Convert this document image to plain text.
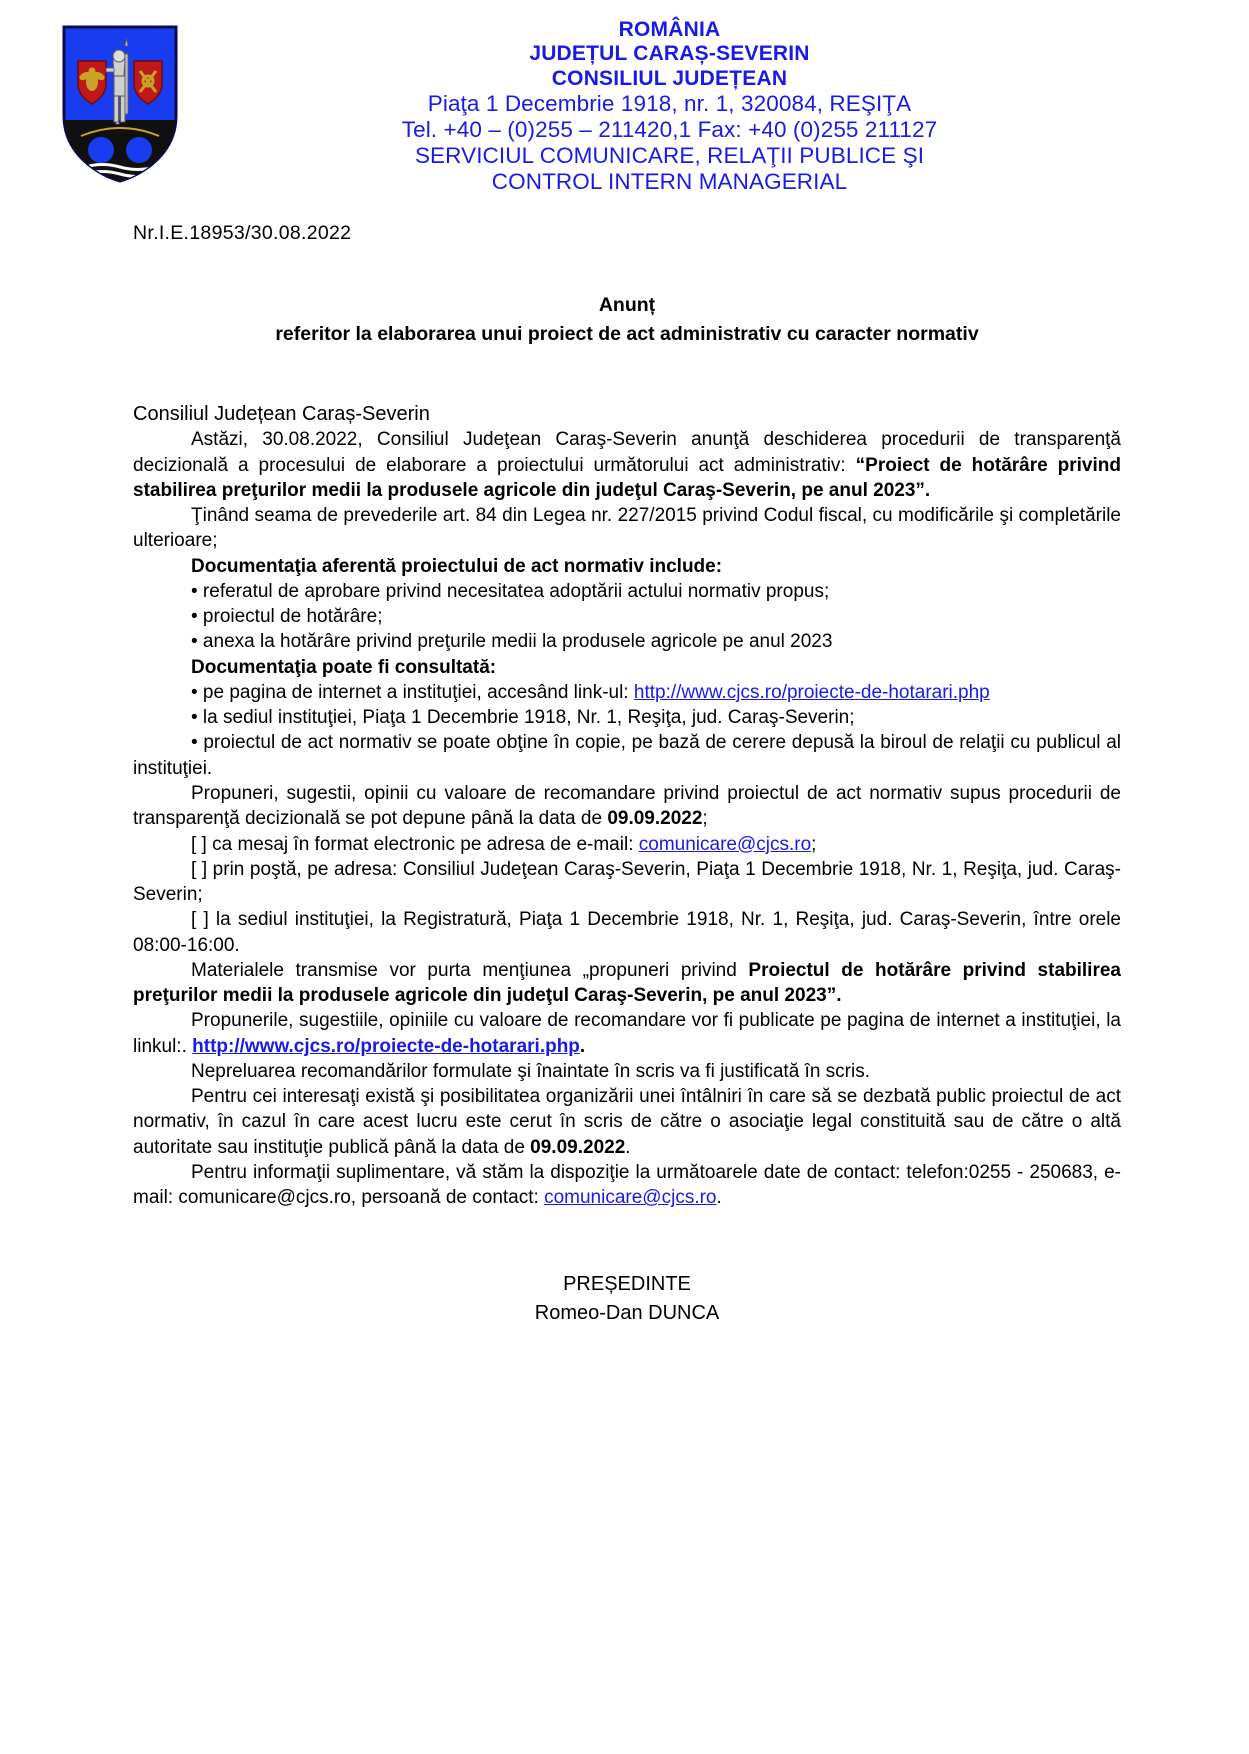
ROMÂNIA
JUDEȚUL CARAȘ-SEVERIN
CONSILIUL JUDEȚEAN
Piaţa 1 Decembrie 1918, nr. 1, 320084, REŞIŢA
Tel. +40 – (0)255 – 211420,1 Fax: +40 (0)255 211127
SERVICIUL COMUNICARE, RELAŢII PUBLICE ŞI
CONTROL INTERN MANAGERIAL
Nr.I.E.18953/30.08.2022
Anunț
referitor la elaborarea unui proiect de act administrativ cu caracter normativ
Consiliul Județean Caraș-Severin

Astăzi, 30.08.2022, Consiliul Judeţean Caraş-Severin anunţă deschiderea procedurii de transparenţă decizională a procesului de elaborare a proiectului următorului act administrativ: “Proiect de hotărâre privind stabilirea preţurilor medii la produsele agricole din judeţul Caraş-Severin, pe anul 2023”.

Ţinând seama de prevederile art. 84 din Legea nr. 227/2015 privind Codul fiscal, cu modificările şi completările ulterioare;

Documentaţia aferentă proiectului de act normativ include:

• referatul de aprobare privind necesitatea adoptării actului normativ propus;

• proiectul de hotărâre;

• anexa la hotărâre privind preţurile medii la produsele agricole pe anul 2023

Documentaţia poate fi consultată:

• pe pagina de internet a instituţiei, accesând link-ul: http://www.cjcs.ro/proiecte-de-hotarari.php

• la sediul instituţiei, Piaţa 1 Decembrie 1918, Nr. 1, Reşiţa, jud. Caraş-Severin;

• proiectul de act normativ se poate obţine în copie, pe bază de cerere depusă la biroul de relaţii cu publicul al instituţiei.

Propuneri, sugestii, opinii cu valoare de recomandare privind proiectul de act normativ supus procedurii de transparenţă decizională se pot depune până la data de 09.09.2022;

[ ] ca mesaj în format electronic pe adresa de e-mail: comunicare@cjcs.ro;

[ ] prin poştă, pe adresa: Consiliul Judeţean Caraş-Severin, Piaţa 1 Decembrie 1918, Nr. 1, Reşiţa, jud. Caraş-Severin;

[ ] la sediul instituţiei, la Registratură, Piaţa 1 Decembrie 1918, Nr. 1, Reşiţa, jud. Caraş-Severin, între orele 08:00-16:00.

Materialele transmise vor purta menţiunea „propuneri privind Proiectul de hotărâre privind stabilirea preţurilor medii la produsele agricole din judeţul Caraş-Severin, pe anul 2023”.

Propunerile, sugestiile, opiniile cu valoare de recomandare vor fi publicate pe pagina de internet a instituţiei, la linkul:. http://www.cjcs.ro/proiecte-de-hotarari.php.

Nepreluarea recomandărilor formulate şi înaintate în scris va fi justificată în scris.

Pentru cei interesaţi există şi posibilitatea organizării unei întâlniri în care să se dezbată public proiectul de act normativ, în cazul în care acest lucru este cerut în scris de către o asociaţie legal constituită sau de către o altă autoritate sau instituţie publică până la data de 09.09.2022.

Pentru informaţii suplimentare, vă stăm la dispoziţie la următoarele date de contact: telefon:0255 - 250683, e-mail: comunicare@cjcs.ro, persoană de contact: comunicare@cjcs.ro.

PREȘEDINTE
Romeo-Dan DUNCA
